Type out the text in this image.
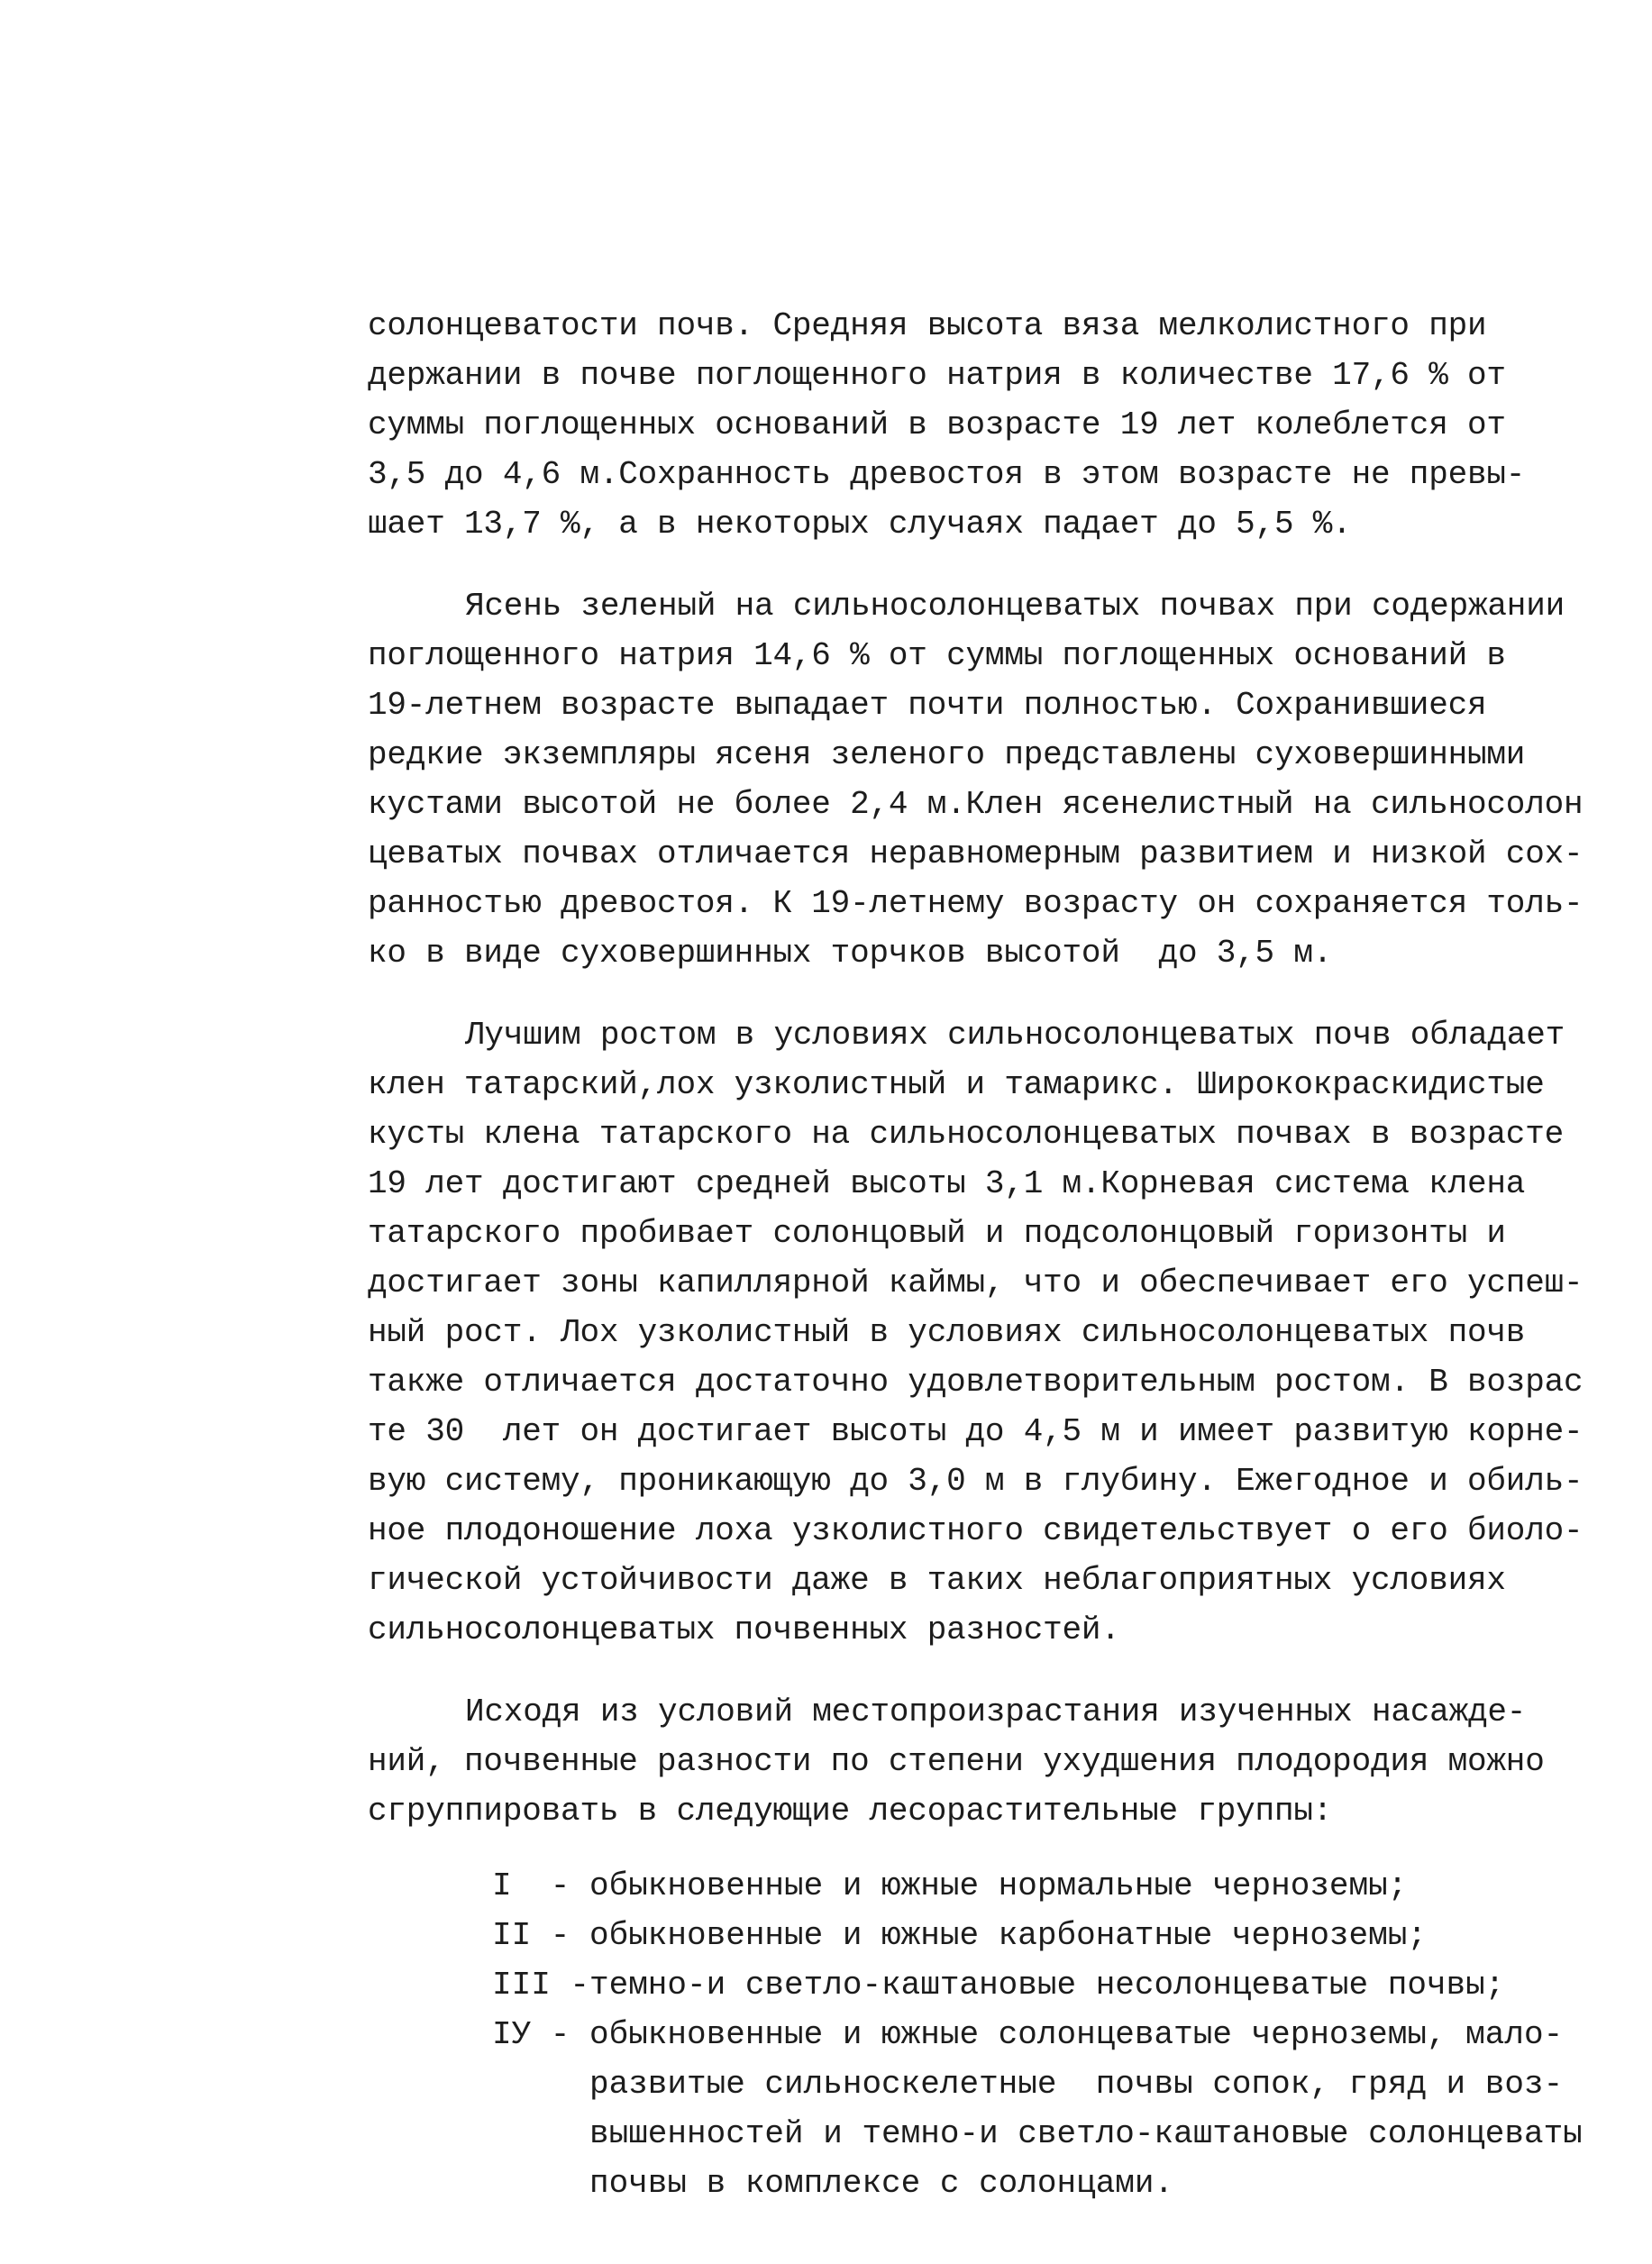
солонцеватости почв. Средняя высота вяза мелколистного при
держании в почве поглощенного натрия в количестве 17,6 % от
суммы поглощенных оснований в возрасте 19 лет колеблется от
3,5 до 4,6 м.Сохранность древостоя в этом возрасте не превы-
шает 13,7 %, а в некоторых случаях падает до 5,5 %.
Ясень зеленый на сильносолонцеватых почвах при содержании
поглощенного натрия 14,6 % от суммы поглощенных оснований в
19-летнем возрасте выпадает почти полностью. Сохранившиеся
редкие экземпляры ясеня зеленого представлены суховершинными
кустами высотой не более 2,4 м.Клен ясенелистный на сильносолон
цеватых почвах отличается неравномерным развитием и низкой сох-
ранностью древостоя. К 19-летнему возрасту он сохраняется толь-
ко в виде суховершинных торчков высотой  до 3,5 м.
Лучшим ростом в условиях сильносолонцеватых почв обладает
клен татарский,лох узколистный и тамарикс. Ширококраскидистые
кусты клена татарского на сильносолонцеватых почвах в возрасте
19 лет достигают средней высоты 3,1 м.Корневая система клена
татарского пробивает солонцовый и подсолонцовый горизонты и
достигает зоны капиллярной каймы, что и обеспечивает его успеш-
ный рост. Лох узколистный в условиях сильносолонцеватых почв
также отличается достаточно удовлетворительным ростом. В возрас
те 30  лет он достигает высоты до 4,5 м и имеет развитую корне-
вую систему, проникающую до 3,0 м в глубину. Ежегодное и обиль-
ное плодоношение лоха узколистного свидетельствует о его биоло-
гической устойчивости даже в таких неблагоприятных условиях
сильносолонцеватых почвенных разностей.
Исходя из условий местопроизрастания изученных насажде-
ний, почвенные разности по степени ухудшения плодородия можно
сгруппировать в следующие лесорастительные группы:
I  - обыкновенные и южные нормальные черноземы;
II - обыкновенные и южные карбонатные черноземы;
III - темно-и светло-каштановые несолонцеватые почвы;
IУ - обыкновенные и южные солонцеватые черноземы, мало-
развитые сильноскелетные  почвы сопок, гряд и воз-
вышенностей и темно-и светло-каштановые солонцеваты
почвы в комплексе с солонцами.
